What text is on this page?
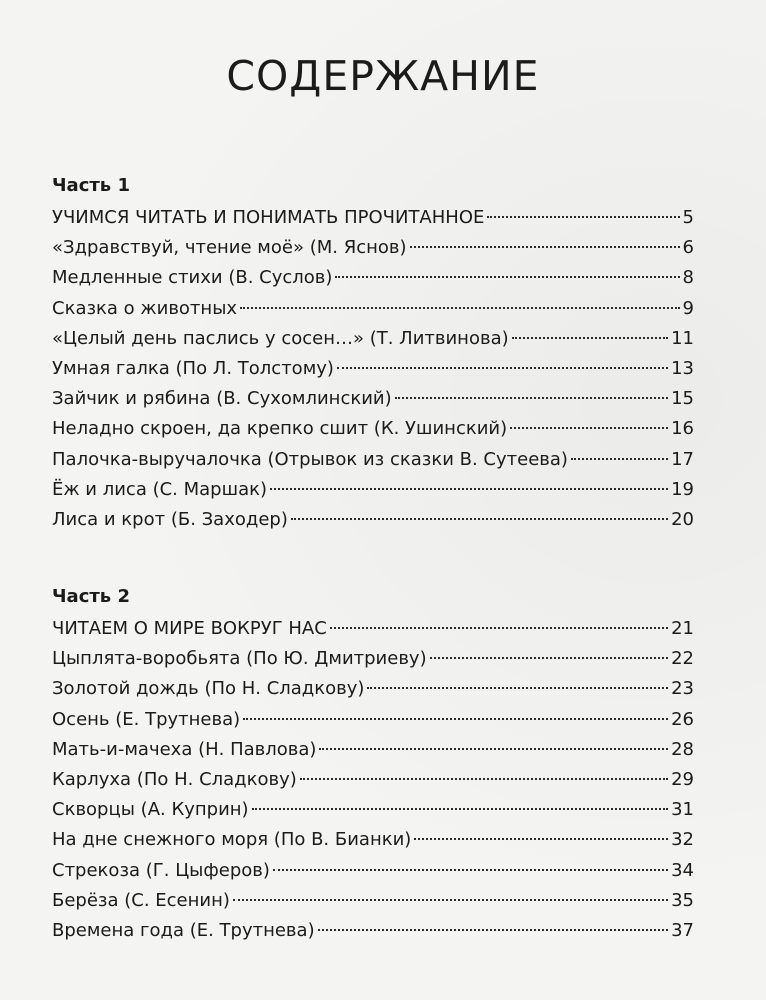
СОДЕРЖАНИЕ
Часть 1
УЧИМСЯ ЧИТАТЬ И ПОНИМАТЬ ПРОЧИТАННОЕ	5
«Здравствуй, чтение моё» (М. Яснов)	6
Медленные стихи (В. Суслов)	8
Сказка о животных	9
«Целый день паслись у сосен…» (Т. Литвинова)	11
Умная галка (По Л. Толстому)	13
Зайчик и рябина (В. Сухомлинский)	15
Неладно скроен, да крепко сшит (К. Ушинский)	16
Палочка-выручалочка (Отрывок из сказки В. Сутеева)	17
Ёж и лиса (С. Маршак)	19
Лиса и крот (Б. Заходер)	20
Часть 2
ЧИТАЕМ О МИРЕ ВОКРУГ НАС	21
Цыплята-воробьята (По Ю. Дмитриеву)	22
Золотой дождь (По Н. Сладкову)	23
Осень (Е. Трутнева)	26
Мать-и-мачеха (Н. Павлова)	28
Карлуха (По Н. Сладкову)	29
Скворцы (А. Куприн)	31
На дне снежного моря (По В. Бианки)	32
Стрекоза (Г. Цыферов)	34
Берёза (С. Есенин)	35
Времена года (Е. Трутнева)	37
